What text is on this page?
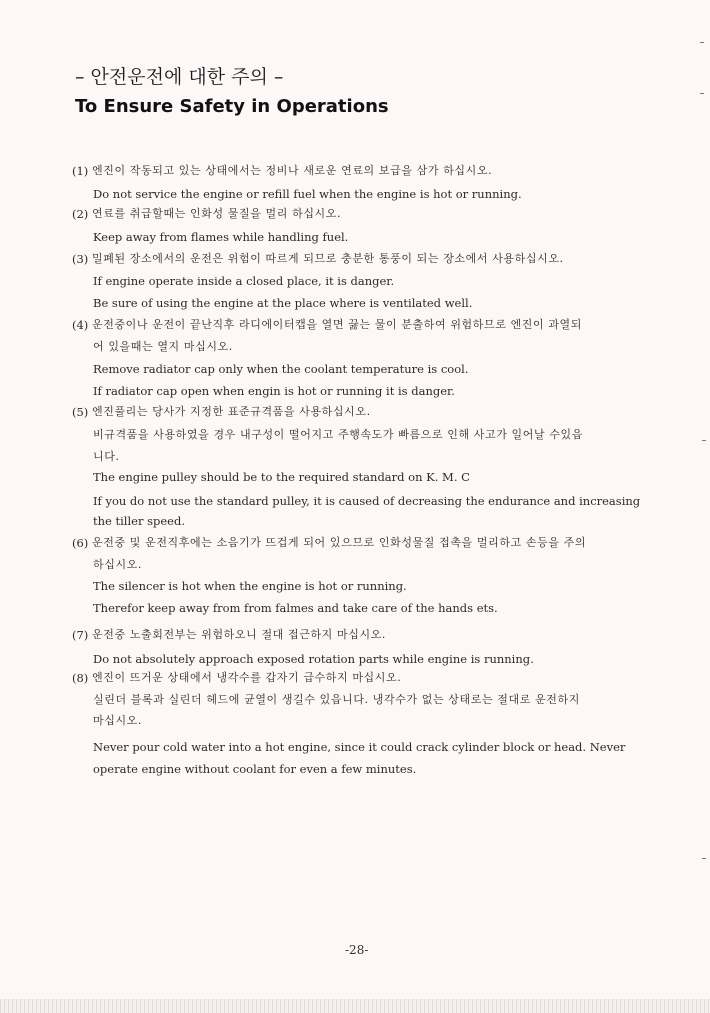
– 안전운전에 대한 주의 –
To Ensure Safety in Operations
(1) 엔진이 작동되고 있는 상태에서는 정비나 새로운 연료의 보급을 삼가 하십시오.
Do not service the engine or refill fuel when the engine is hot or running.
(2) 연료를 취급할때는 인화성 물질을 멀리 하십시오.
Keep away from flames while handling fuel.
(3) 밀폐된 장소에서의 운전은 위험이 따르게 되므로 충분한 통풍이 되는 장소에서 사용하십시오.
If engine operate inside a closed place, it is danger.
Be sure of using the engine at the place where is ventilated well.
(4) 운전중이나 운전이 끝난직후 라디에이터캡을 열면 끓는 물이 분출하여 위험하므로 엔진이 과열되
어 있을때는 열지 마십시오.
Remove radiator cap only when the coolant temperature is cool.
If radiator cap open when engin is hot or running it is danger.
(5) 엔진풀리는 당사가 지정한 표준규격품을 사용하십시오.
비규격품을 사용하였을 경우 내구성이 떨어지고 주행속도가 빠름으로 인해 사고가 일어날 수있읍
니다.
The engine pulley should be to the required standard on K. M. C
If you do not use the standard pulley, it is caused of decreasing the endurance and increasing
the tiller speed.
(6) 운전중 및 운전직후에는 소음기가 뜨겁게 되어 있으므로 인화성물질 접촉을 멀리하고 손등을 주의
하십시오.
The silencer is hot when the engine is hot or running.
Therefor keep away from from falmes and take care of the hands ets.
(7) 운전중 노출회전부는 위험하오니 절대 접근하지 마십시오.
Do not absolutely approach exposed rotation parts while engine is running.
(8) 엔진이 뜨거운 상태에서 냉각수를 갑자기 급수하지 마십시오.
실린더 블록과 실린더 헤드에 균열이 생길수 있읍니다. 냉각수가 없는 상태로는 절대로 운전하지
마십시오.
Never pour cold water into a hot engine, since it could crack cylinder block or head. Never
operate engine without coolant for even a few minutes.
-28-
